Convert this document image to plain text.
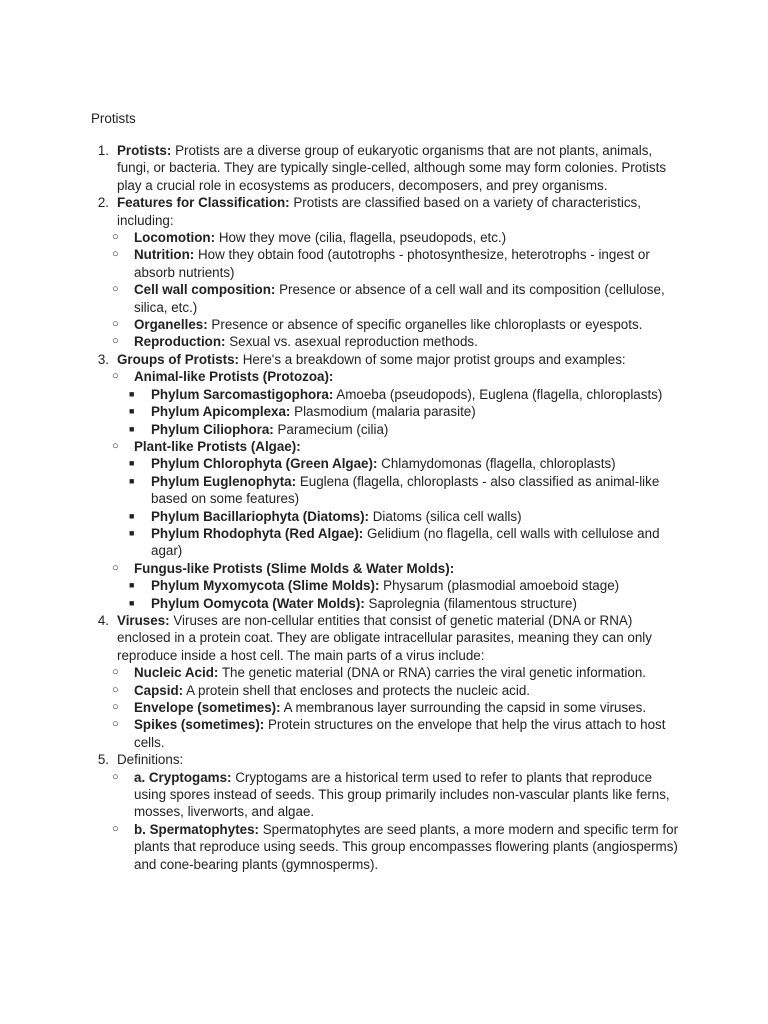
Protists
1. Protists: Protists are a diverse group of eukaryotic organisms that are not plants, animals, fungi, or bacteria. They are typically single-celled, although some may form colonies. Protists play a crucial role in ecosystems as producers, decomposers, and prey organisms.
2. Features for Classification: Protists are classified based on a variety of characteristics, including:
○ Locomotion: How they move (cilia, flagella, pseudopods, etc.)
○ Nutrition: How they obtain food (autotrophs - photosynthesize, heterotrophs - ingest or absorb nutrients)
○ Cell wall composition: Presence or absence of a cell wall and its composition (cellulose, silica, etc.)
○ Organelles: Presence or absence of specific organelles like chloroplasts or eyespots.
○ Reproduction: Sexual vs. asexual reproduction methods.
3. Groups of Protists: Here's a breakdown of some major protist groups and examples:
○ Animal-like Protists (Protozoa):
■ Phylum Sarcomastigophora: Amoeba (pseudopods), Euglena (flagella, chloroplasts)
■ Phylum Apicomplexa: Plasmodium (malaria parasite)
■ Phylum Ciliophora: Paramecium (cilia)
○ Plant-like Protists (Algae):
■ Phylum Chlorophyta (Green Algae): Chlamydomonas (flagella, chloroplasts)
■ Phylum Euglenophyta: Euglena (flagella, chloroplasts - also classified as animal-like based on some features)
■ Phylum Bacillariophyta (Diatoms): Diatoms (silica cell walls)
■ Phylum Rhodophyta (Red Algae): Gelidium (no flagella, cell walls with cellulose and agar)
○ Fungus-like Protists (Slime Molds & Water Molds):
■ Phylum Myxomycota (Slime Molds): Physarum (plasmodial amoeboid stage)
■ Phylum Oomycota (Water Molds): Saprolegnia (filamentous structure)
4. Viruses: Viruses are non-cellular entities that consist of genetic material (DNA or RNA) enclosed in a protein coat. They are obligate intracellular parasites, meaning they can only reproduce inside a host cell. The main parts of a virus include:
○ Nucleic Acid: The genetic material (DNA or RNA) carries the viral genetic information.
○ Capsid: A protein shell that encloses and protects the nucleic acid.
○ Envelope (sometimes): A membranous layer surrounding the capsid in some viruses.
○ Spikes (sometimes): Protein structures on the envelope that help the virus attach to host cells.
5. Definitions:
○ a. Cryptogams: Cryptogams are a historical term used to refer to plants that reproduce using spores instead of seeds. This group primarily includes non-vascular plants like ferns, mosses, liverworts, and algae.
○ b. Spermatophytes: Spermatophytes are seed plants, a more modern and specific term for plants that reproduce using seeds. This group encompasses flowering plants (angiosperms) and cone-bearing plants (gymnosperms).
